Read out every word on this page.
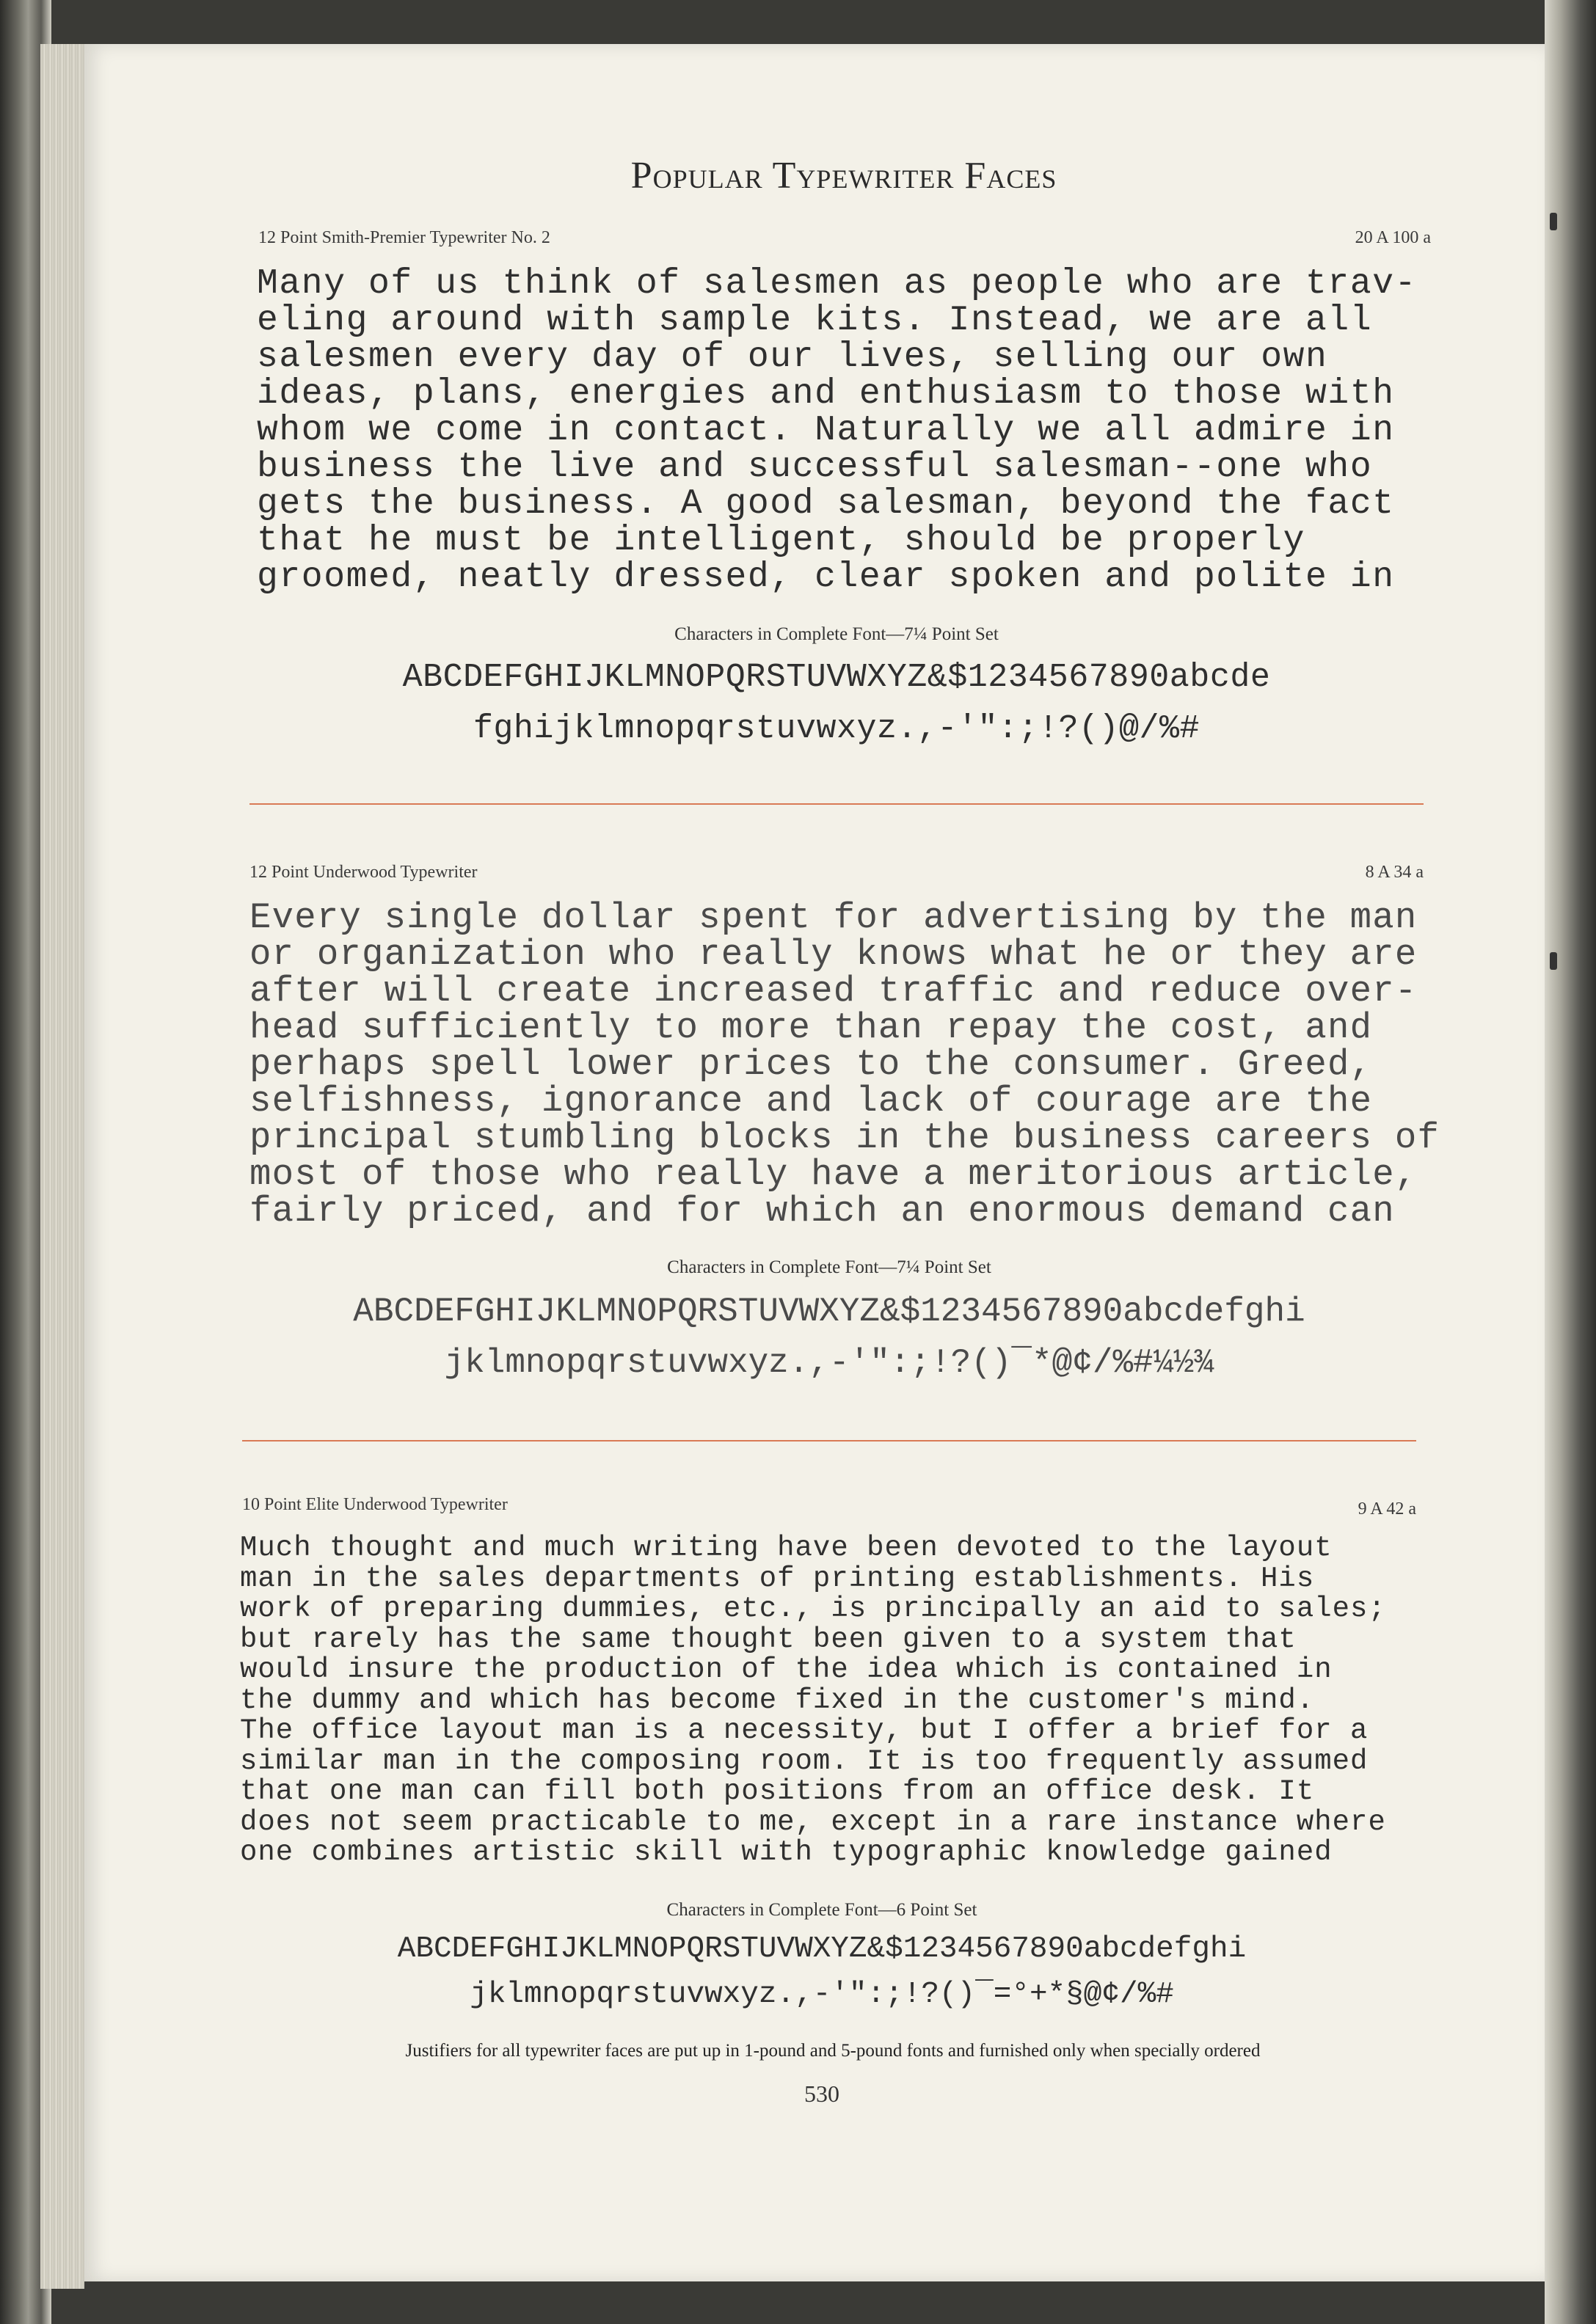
Popular Typewriter Faces
12 Point Smith-Premier Typewriter No. 2	20 A 100 a
Many of us think of salesmen as people who are trav-
eling around with sample kits. Instead, we are all
salesmen every day of our lives, selling our own
ideas, plans, energies and enthusiasm to those with
whom we come in contact. Naturally we all admire in
business the live and successful salesman--one who
gets the business. A good salesman, beyond the fact
that he must be intelligent, should be properly
groomed, neatly dressed, clear spoken and polite in
Characters in Complete Font—7¼ Point Set
ABCDEFGHIJKLMNOPQRSTUVWXYZ&$1234567890abcde
fghijklmnopqrstuvwxyz.,-'":;!?()@/%#
12 Point Underwood Typewriter	8 A 34 a
Every single dollar spent for advertising by the man
or organization who really knows what he or they are
after will create increased traffic and reduce over-
head sufficiently to more than repay the cost, and
perhaps spell lower prices to the consumer. Greed,
selfishness, ignorance and lack of courage are the
principal stumbling blocks in the business careers of
most of those who really have a meritorious article,
fairly priced, and for which an enormous demand can
Characters in Complete Font—7¼ Point Set
ABCDEFGHIJKLMNOPQRSTUVWXYZ&$1234567890abcdefghi
jklmnopqrstuvwxyz.,-'":;!?()‾*@¢/%#¼½¾
10 Point Elite Underwood Typewriter	9 A 42 a
Much thought and much writing have been devoted to the layout
man in the sales departments of printing establishments. His
work of preparing dummies, etc., is principally an aid to sales;
but rarely has the same thought been given to a system that
would insure the production of the idea which is contained in
the dummy and which has become fixed in the customer's mind.
The office layout man is a necessity, but I offer a brief for a
similar man in the composing room. It is too frequently assumed
that one man can fill both positions from an office desk. It
does not seem practicable to me, except in a rare instance where
one combines artistic skill with typographic knowledge gained
Characters in Complete Font—6 Point Set
ABCDEFGHIJKLMNOPQRSTUVWXYZ&$1234567890abcdefghi
jklmnopqrstuvwxyz.,-'":;!?()‾=°+*§@¢/%#
Justifiers for all typewriter faces are put up in 1-pound and 5-pound fonts and furnished only when specially ordered
530
